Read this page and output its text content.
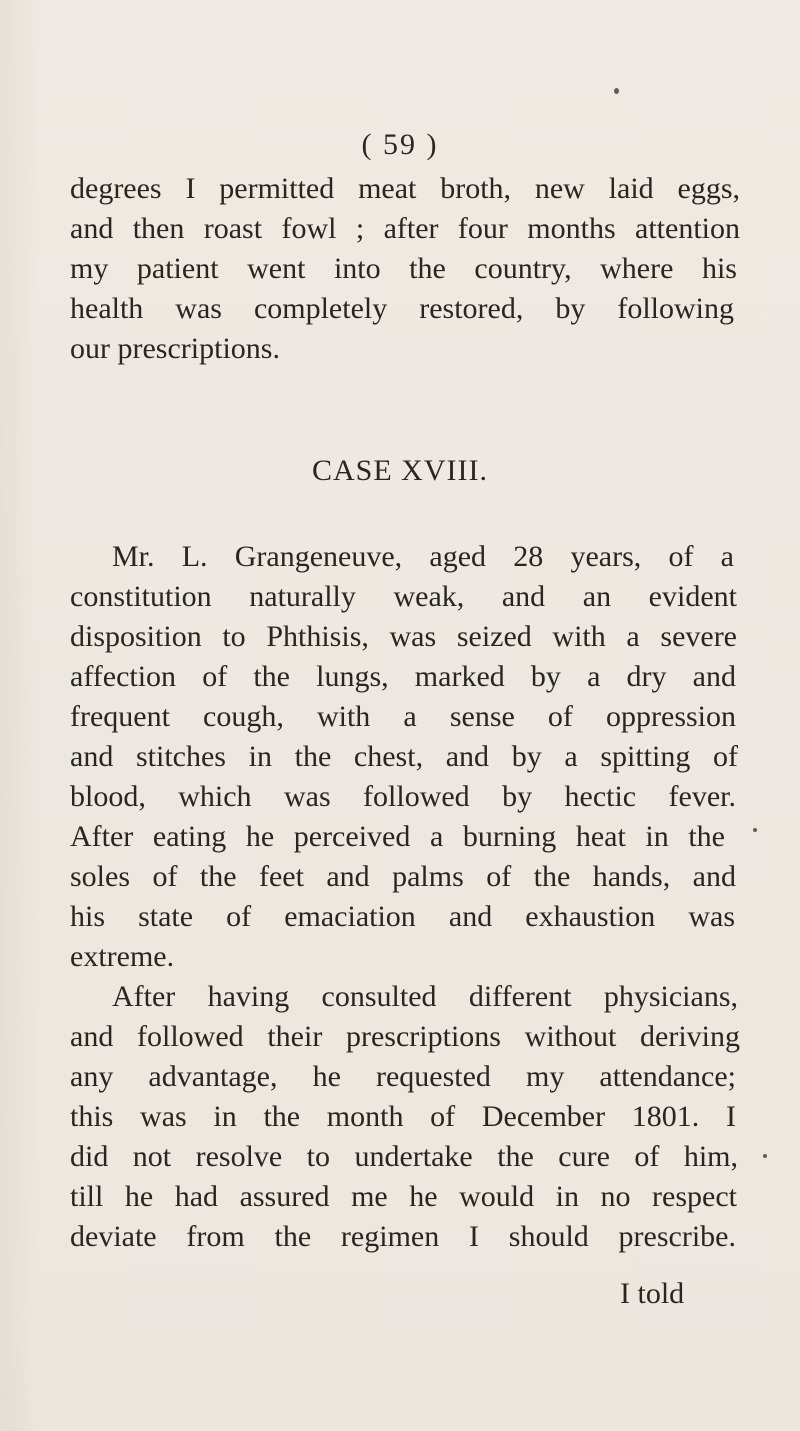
( 59 )
degrees I permitted meat broth, new laid eggs,
and then roast fowl ; after four months attention
my patient went into the country, where his
health was completely restored, by following
our prescriptions.
CASE XVIII.
Mr. L. Grangeneuve, aged 28 years, of a
constitution naturally weak, and an evident
disposition to Phthisis, was seized with a severe
affection of the lungs, marked by a dry and
frequent cough, with a sense of oppression
and stitches in the chest, and by a spitting of
blood, which was followed by hectic fever.
After eating he perceived a burning heat in the
soles of the feet and palms of the hands, and
his state of emaciation and exhaustion was
extreme.
After having consulted different physicians,
and followed their prescriptions without deriving
any advantage, he requested my attendance;
this was in the month of December 1801. I
did not resolve to undertake the cure of him,
till he had assured me he would in no respect
deviate from the regimen I should prescribe.
I told
